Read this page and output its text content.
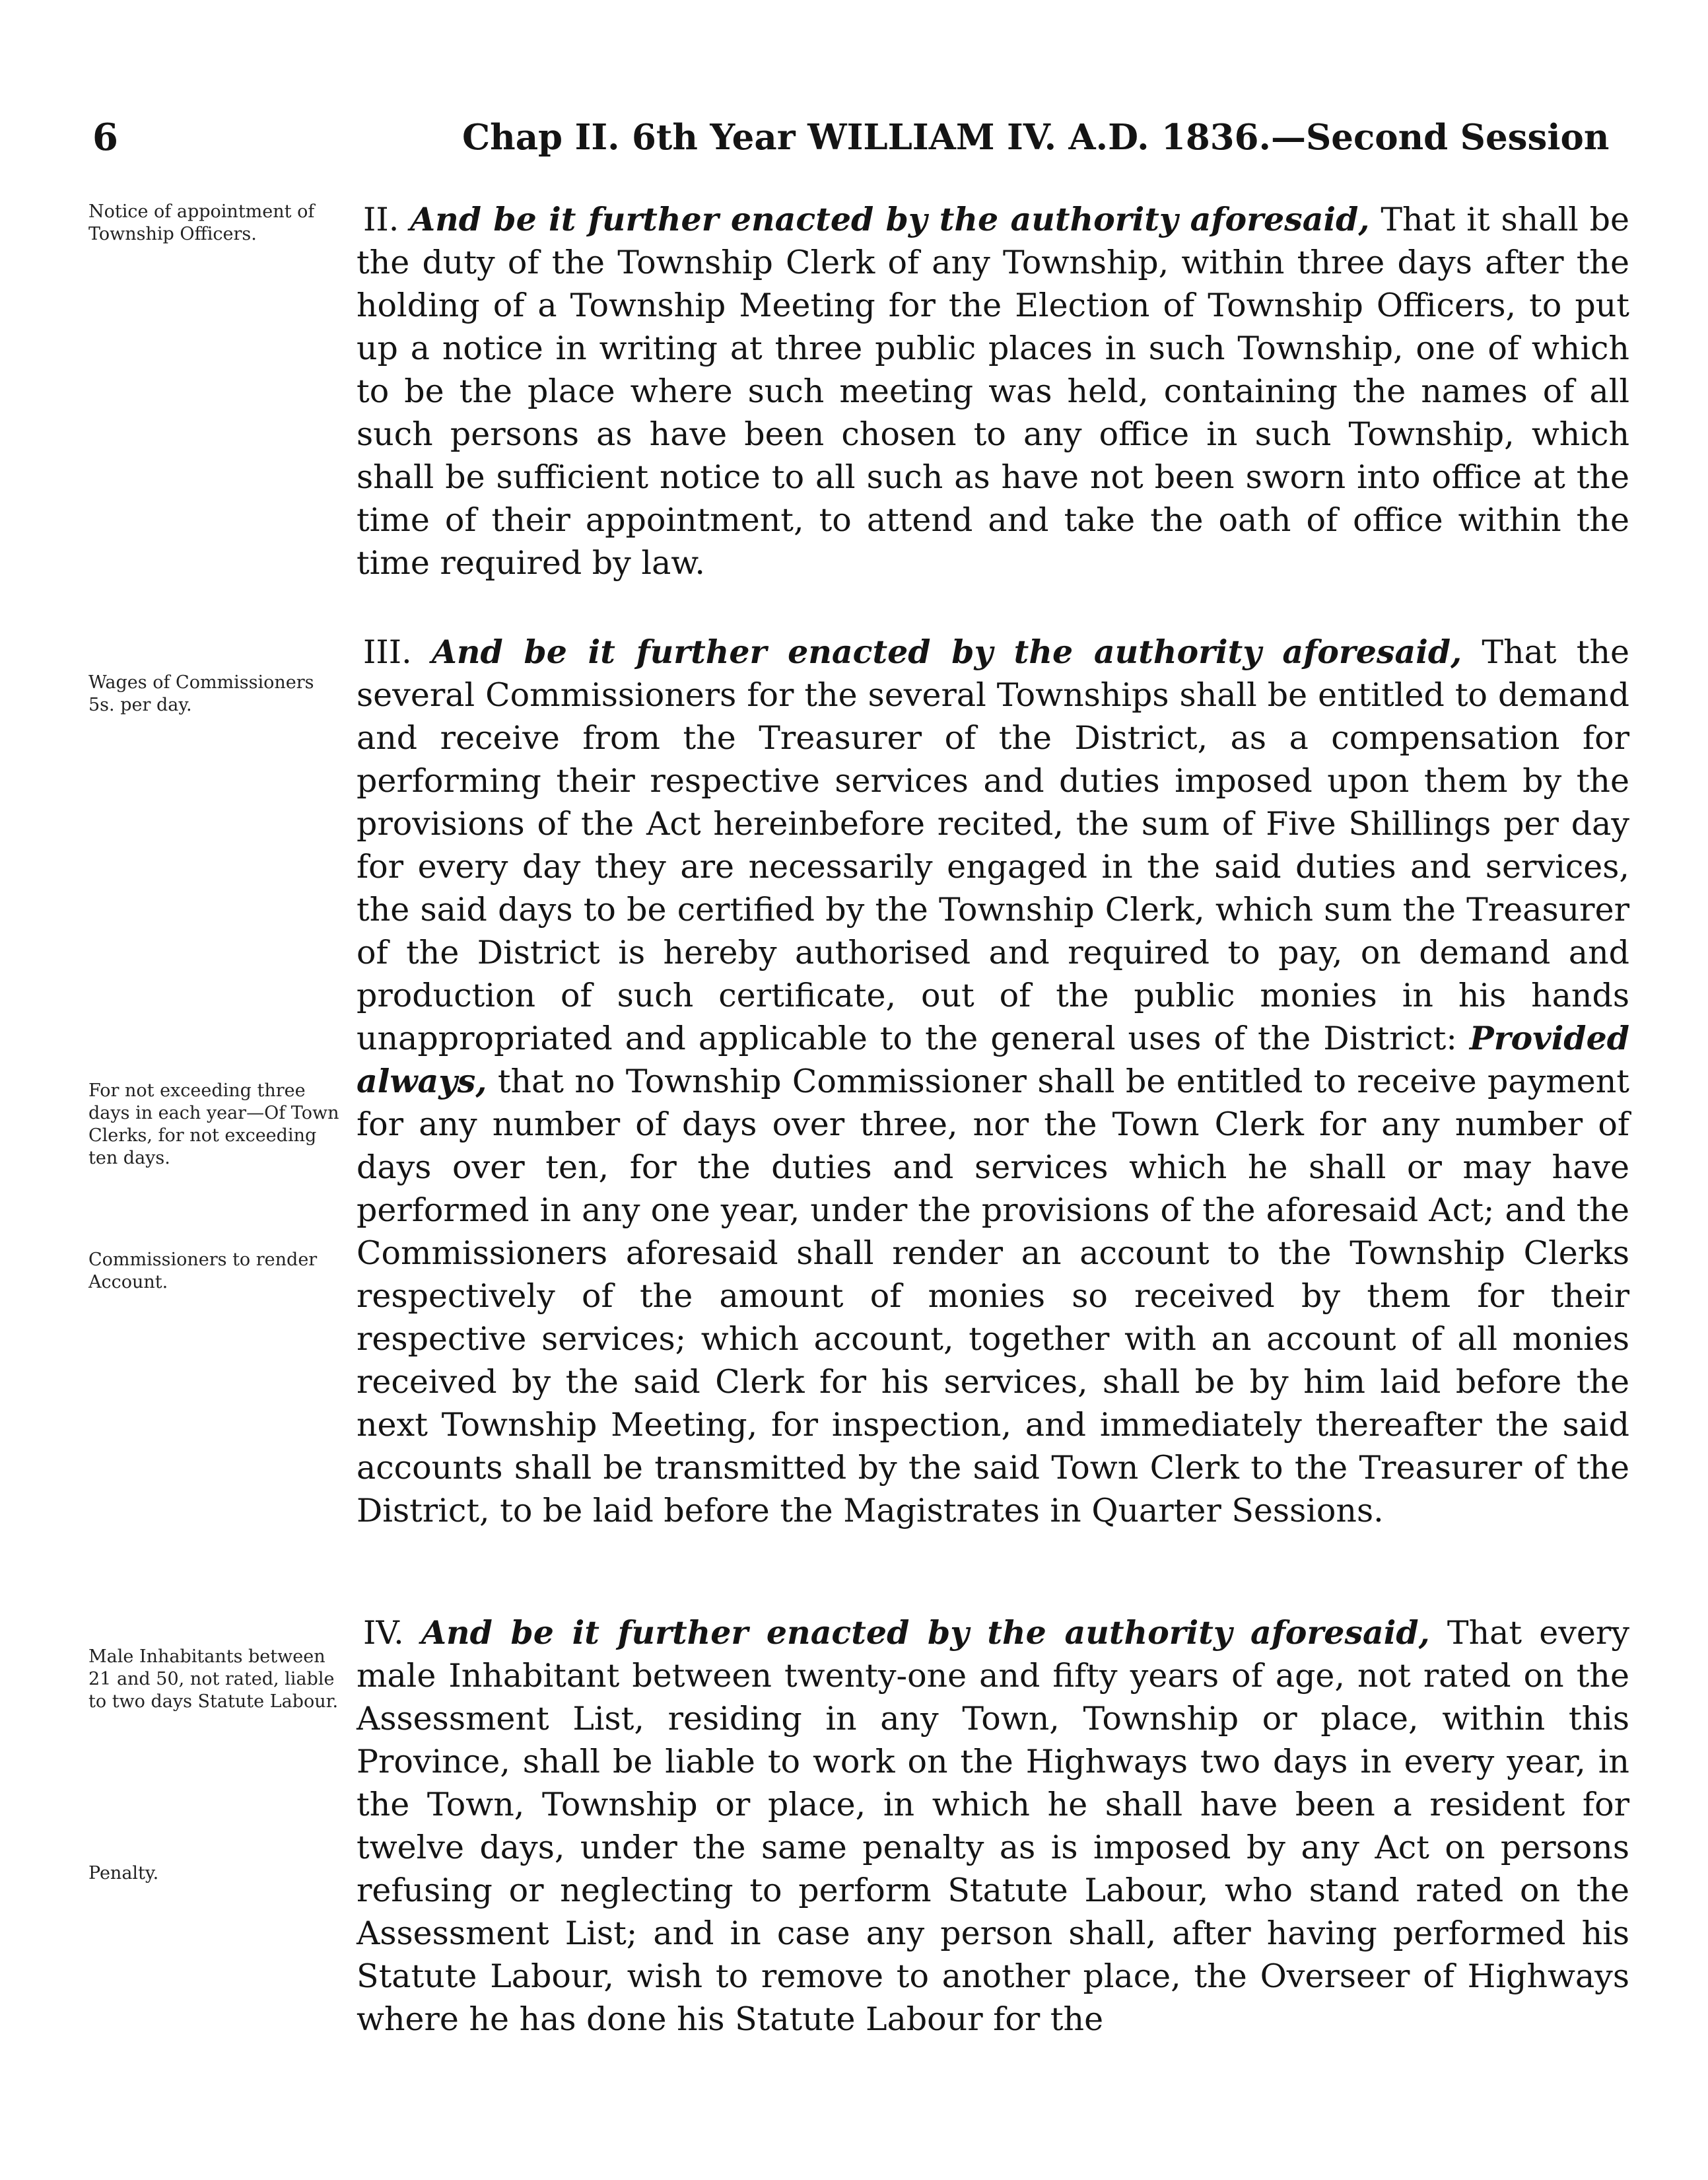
6	Chap II. 6th Year WILLIAM IV. A.D. 1836.—Second Session
Notice of appointment of Township Officers.	II. And be it further enacted by the authority aforesaid, That it shall be the duty of the Township Clerk of any Township, within three days after the holding of a Township Meeting for the Election of Township Officers, to put up a notice in writing at three public places in such Township, one of which to be the place where such meeting was held, containing the names of all such persons as have been chosen to any office in such Township, which shall be sufficient notice to all such as have not been sworn into office at the time of their appointment, to attend and take the oath of office within the time required by law.

Wages of Commissioners 5s. per day.
For not exceeding three days in each year—Of Town Clerks, for not exceeding ten days.
Commissioners to render Account.

III. And be it further enacted by the authority aforesaid, That the several Commissioners for the several Townships shall be entitled to demand and receive from the Treasurer of the District, as a compensation for performing their respective services and duties imposed upon them by the provisions of the Act hereinbefore recited, the sum of Five Shillings per day for every day they are necessarily engaged in the said duties and services, the said days to be certified by the Township Clerk, which sum the Treasurer of the District is hereby authorised and required to pay, on demand and production of such certificate, out of the public monies in his hands unappropriated and applicable to the general uses of the District: Provided always, that no Township Commissioner shall be entitled to receive payment for any number of days over three, nor the Town Clerk for any number of days over ten, for the duties and services which he shall or may have performed in any one year, under the provisions of the aforesaid Act; and the Commissioners aforesaid shall render an account to the Township Clerks respectively of the amount of monies so received by them for their respective services; which account, together with an account of all monies received by the said Clerk for his services, shall be by him laid before the next Township Meeting, for inspection, and immediately thereafter the said accounts shall be transmitted by the said Town Clerk to the Treasurer of the District, to be laid before the Magistrates in Quarter Sessions.

Male Inhabitants between 21 and 50, not rated, liable to two days Statute Labour.
Penalty.

IV. And be it further enacted by the authority aforesaid, That every male Inhabitant between twenty-one and fifty years of age, not rated on the Assessment List, residing in any Town, Township or place, within this Province, shall be liable to work on the Highways two days in every year, in the Town, Township or place, in which he shall have been a resident for twelve days, under the same penalty as is imposed by any Act on persons refusing or neglecting to perform Statute Labour, who stand rated on the Assessment List; and in case any person shall, after having performed his Statute Labour, wish to remove to another place, the Overseer of Highways where he has done his Statute Labour for the
